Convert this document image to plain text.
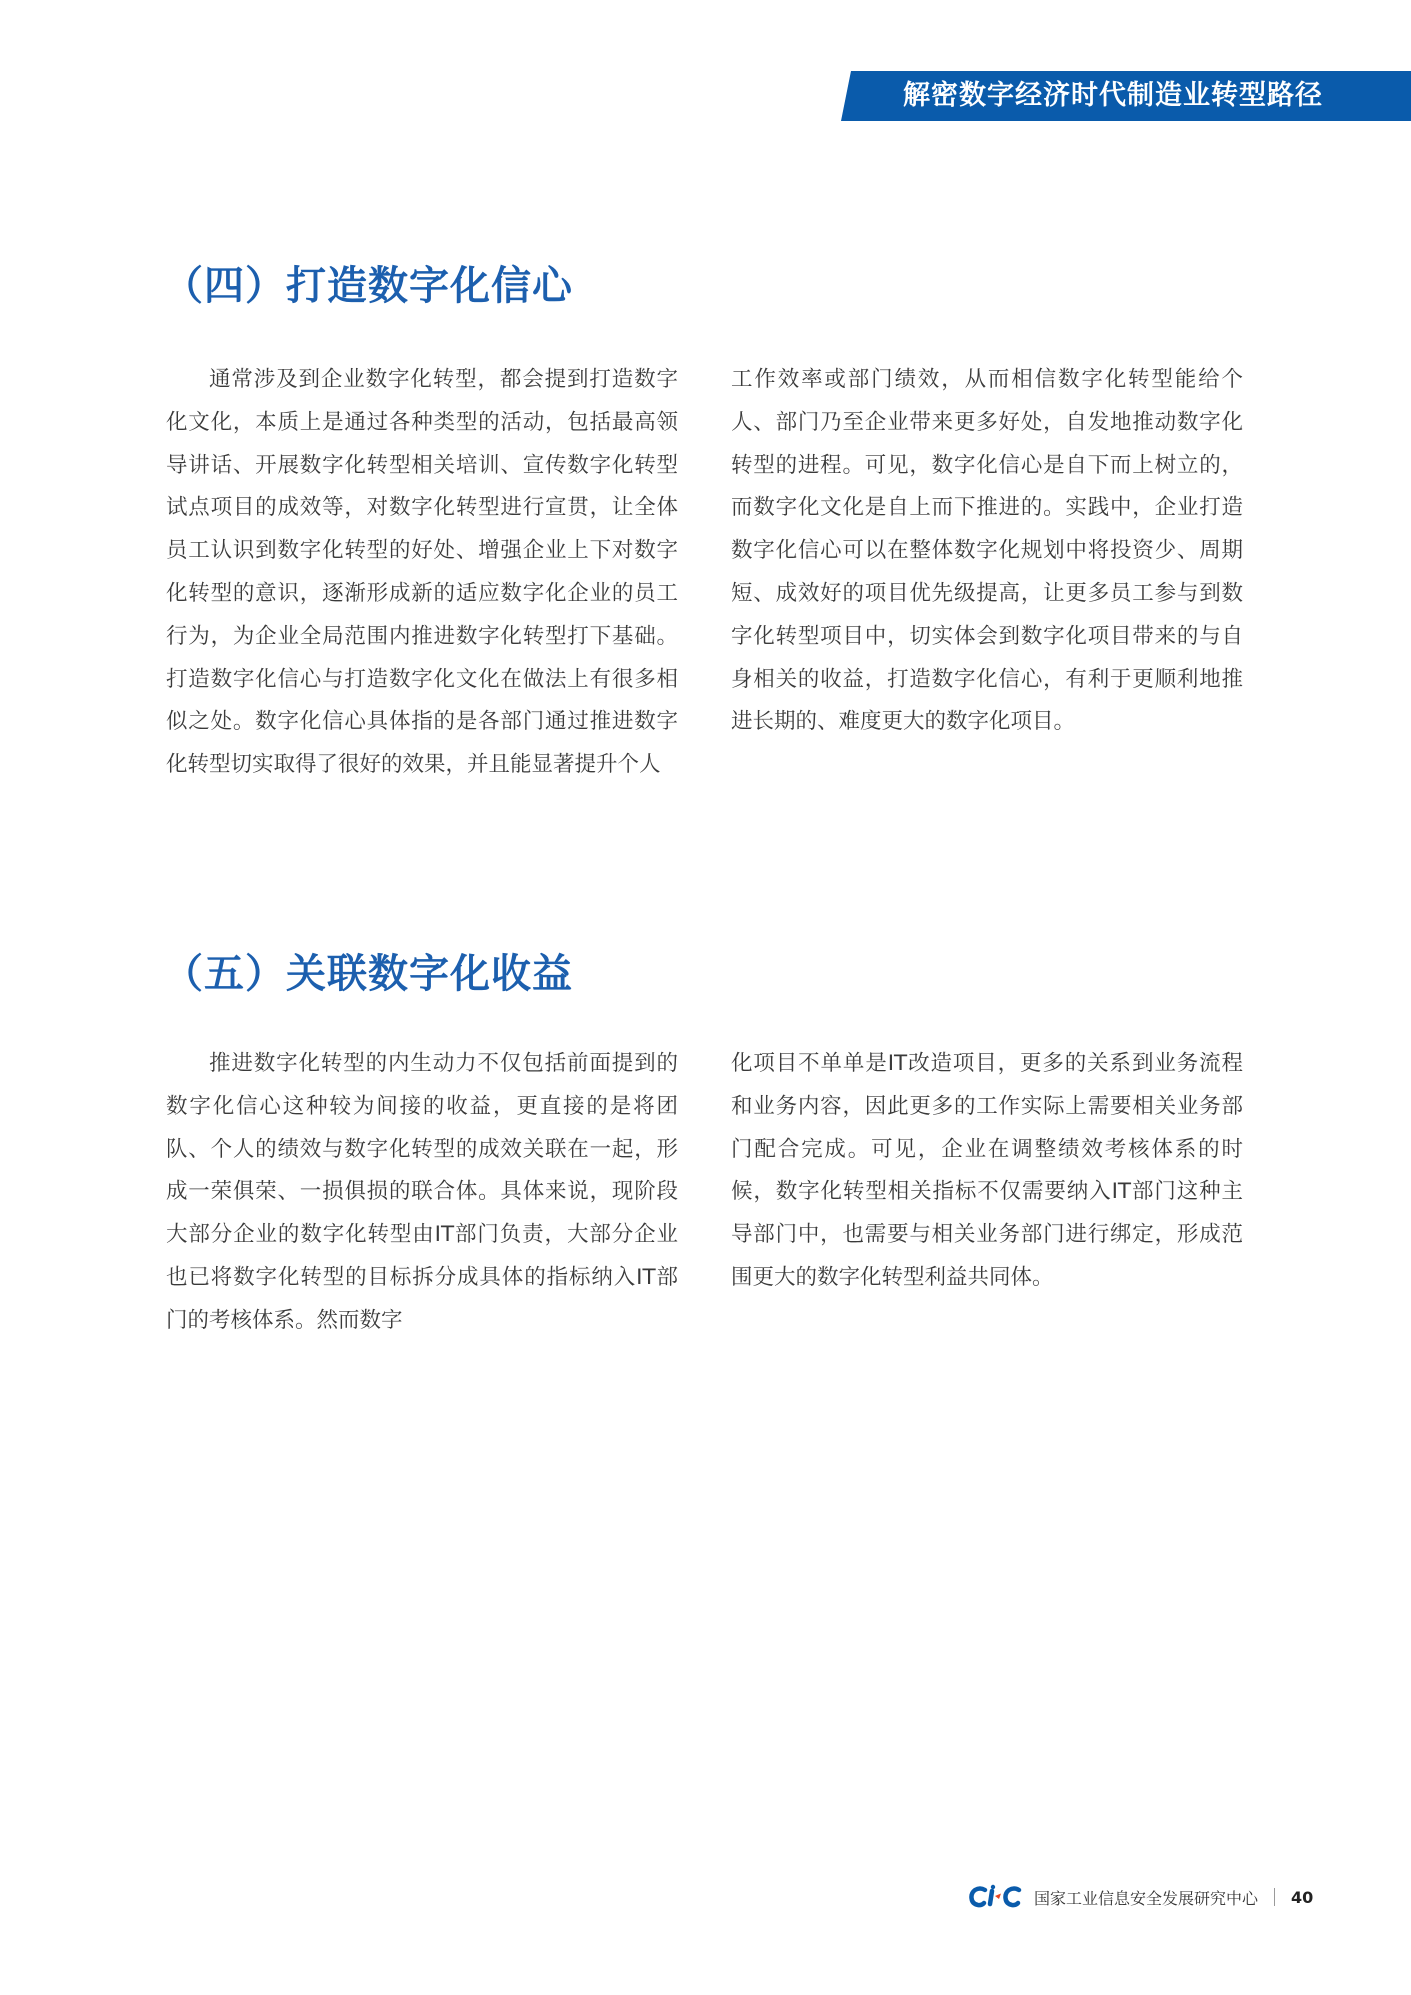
解密数字经济时代制造业转型路径
（四）打造数字化信心

通常涉及到企业数字化转型，都会提到打造数字化文化，本质上是通过各种类型的活动，包括最高领导讲话、开展数字化转型相关培训、宣传数字化转型试点项目的成效等，对数字化转型进行宣贯，让全体员工认识到数字化转型的好处、增强企业上下对数字化转型的意识，逐渐形成新的适应数字化企业的员工行为，为企业全局范围内推进数字化转型打下基础。打造数字化信心与打造数字化文化在做法上有很多相似之处。数字化信心具体指的是各部门通过推进数字化转型切实取得了很好的效果，并且能显著提升个人

工作效率或部门绩效，从而相信数字化转型能给个人、部门乃至企业带来更多好处，自发地推动数字化转型的进程。可见，数字化信心是自下而上树立的，而数字化文化是自上而下推进的。实践中，企业打造数字化信心可以在整体数字化规划中将投资少、周期短、成效好的项目优先级提高，让更多员工参与到数字化转型项目中，切实体会到数字化项目带来的与自身相关的收益，打造数字化信心，有利于更顺利地推进长期的、难度更大的数字化项目。

（五）关联数字化收益

推进数字化转型的内生动力不仅包括前面提到的数字化信心这种较为间接的收益，更直接的是将团队、个人的绩效与数字化转型的成效关联在一起，形成一荣俱荣、一损俱损的联合体。具体来说，现阶段大部分企业的数字化转型由IT部门负责，大部分企业也已将数字化转型的目标拆分成具体的指标纳入IT部门的考核体系。然而数字

化项目不单单是IT改造项目，更多的关系到业务流程和业务内容，因此更多的工作实际上需要相关业务部门配合完成。可见，企业在调整绩效考核体系的时候，数字化转型相关指标不仅需要纳入IT部门这种主导部门中，也需要与相关业务部门进行绑定，形成范围更大的数字化转型利益共同体。

国家工业信息安全发展研究中心 40
